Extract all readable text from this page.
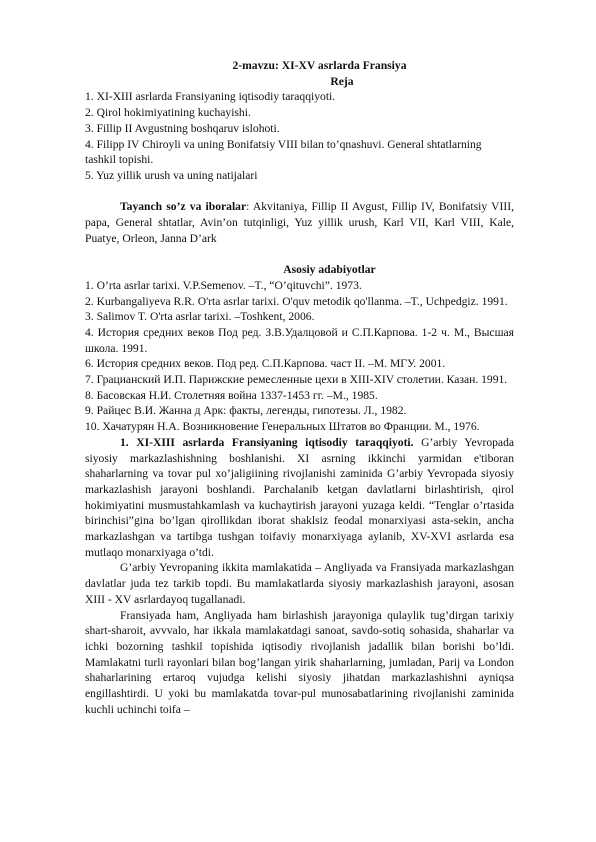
2-mavzu: XI-XV asrlarda Fransiya

Reja

1. XI-XIII asrlarda Fransiyaning iqtisodiy taraqqiyoti.

2. Qirol hokimiyatining kuchayishi.

3. Fillip II Avgustning boshqaruv islohoti.

4. Filipp IV Chiroyli va uning Bonifatsiy VIII bilan to’qnashuvi. General shtatlarning tashkil topishi.

5. Yuz yillik urush va uning natijalari

Tayanch so’z va iboralar: Akvitaniya, Fillip II Avgust, Fillip IV, Bonifatsiy VIII, papa, General shtatlar, Avin’on tutqinligi, Yuz yillik urush, Karl VII, Karl VIII, Kale, Puatye, Orleon, Janna D’ark

Asosiy adabiyotlar

1. O’rta asrlar tarixi. V.P.Semenov. –T., “O’qituvchi”. 1973.

2. Kurbangaliyeva R.R. O'rta asrlar tarixi. O'quv metodik qo'llanma. –T., Uchpedgiz. 1991.

3. Salimov T. O'rta asrlar tarixi. –Toshkent, 2006.

4. История средних веков Под ред. З.В.Удалцовой и С.П.Карпова. 1-2 ч. М., Высшая школа. 1991.

6. История средних веков. Под ред. С.П.Карпова. част II. –М. МГУ. 2001.

7. Грацианский И.П. Парижские ремесленные цехи в XIII-XIV столетии. Казан. 1991.

8. Басовская Н.И. Столетняя война 1337-1453 гг. –М., 1985.

9. Райцес В.И. Жанна д Арк: факты, легенды, гипотезы. Л., 1982.

10. Хачатурян Н.А. Возникновение Генеральных Штатов во Франции. М., 1976.

1. XI-XIII asrlarda Fransiyaning iqtisodiy taraqqiyoti. G’arbiy Yevropada siyosiy markazlashishning boshlanishi. XI asrning ikkinchi yarmidan e'tiboran shaharlarning va tovar pul xo’jaligiining rivojlanishi zaminida G’arbiy Yevropada siyosiy markazlashish jarayoni boshlandi. Parchalanib ketgan davlatlarni birlashtirish, qirol hokimiyatini musmustahkamlash va kuchaytirish jarayoni yuzaga keldi. “Tenglar o’rtasida birinchisi”gina bo’lgan qirollikdan iborat shaklsiz feodal monarxiyasi asta-sekin, ancha markazlashgan va tartibga tushgan toifaviy monarxiyaga aylanib, XV-XVI asrlarda esa mutlaqo monarxiyaga o’tdi.

G’arbiy Yevropaning ikkita mamlakatida – Angliyada va Fransiyada markazlashgan davlatlar juda tez tarkib topdi. Bu mamlakatlarda siyosiy markazlashish jarayoni, asosan XIII - XV asrlardayoq tugallanadi.

Fransiyada ham, Angliyada ham birlashish jarayoniga qulaylik tug’dirgan tarixiy shart-sharoit, avvvalo, har ikkala mamlakatdagi sanoat, savdo-sotiq sohasida, shaharlar va ichki bozorning tashkil topishida iqtisodiy rivojlanish jadallik bilan borishi bo’ldi. Mamlakatni turli rayonlari bilan bog’langan yirik shaharlarning, jumladan, Parij va London shaharlarining ertaroq vujudga kelishi siyosiy jihatdan markazlashishni ayniqsa engillashtirdi. U yoki bu mamlakatda tovar-pul munosabatlarining rivojlanishi zaminida kuchli uchinchi toifa –
